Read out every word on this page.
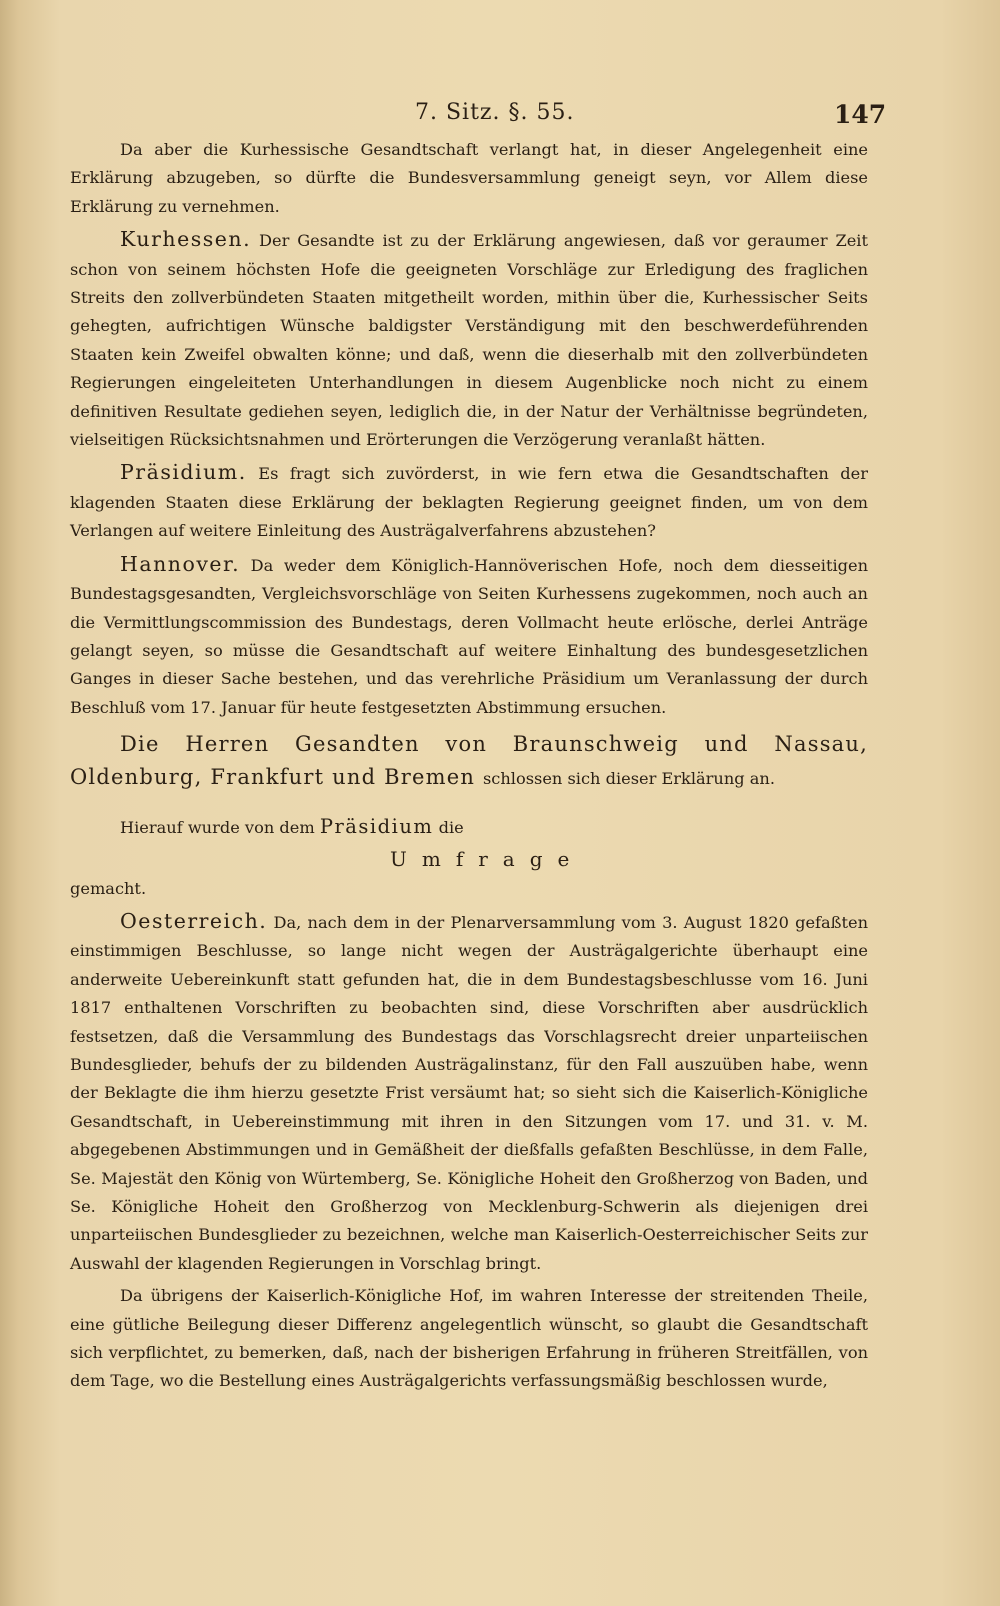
7. Sitz. §. 55.	147

Da aber die Kurhessische Gesandtschaft verlangt hat, in dieser Angelegenheit eine Erklärung abzugeben, so dürfte die Bundesversammlung geneigt seyn, vor Allem diese Erklärung zu vernehmen.

Kurhessen. Der Gesandte ist zu der Erklärung angewiesen, daß vor geraumer Zeit schon von seinem höchsten Hofe die geeigneten Vorschläge zur Erledigung des fraglichen Streits den zollverbündeten Staaten mitgetheilt worden, mithin über die, Kurhessischer Seits gehegten, aufrichtigen Wünsche baldigster Verständigung mit den beschwerdeführenden Staaten kein Zweifel obwalten könne; und daß, wenn die dieserhalb mit den zollverbündeten Regierungen eingeleiteten Unterhandlungen in diesem Augenblicke noch nicht zu einem definitiven Resultate gediehen seyen, lediglich die, in der Natur der Verhältnisse begründeten, vielseitigen Rücksichtsnahmen und Erörterungen die Verzögerung veranlaßt hätten.

Präsidium. Es fragt sich zuvörderst, in wie fern etwa die Gesandtschaften der klagenden Staaten diese Erklärung der beklagten Regierung geeignet finden, um von dem Verlangen auf weitere Einleitung des Austrägalverfahrens abzustehen?

Hannover. Da weder dem Königlich-Hannöverischen Hofe, noch dem diesseitigen Bundestagsgesandten, Vergleichsvorschläge von Seiten Kurhessens zugekommen, noch auch an die Vermittlungscommission des Bundestags, deren Vollmacht heute erlösche, derlei Anträge gelangt seyen, so müsse die Gesandtschaft auf weitere Einhaltung des bundesgesetzlichen Ganges in dieser Sache bestehen, und das verehrliche Präsidium um Veranlassung der durch Beschluß vom 17. Januar für heute festgesetzten Abstimmung ersuchen.

Die Herren Gesandten von Braunschweig und Nassau, Oldenburg, Frankfurt und Bremen schlossen sich dieser Erklärung an.

Hierauf wurde von dem Präsidium die

Umfrage

gemacht.

Oesterreich. Da, nach dem in der Plenarversammlung vom 3. August 1820 gefaßten einstimmigen Beschlusse, so lange nicht wegen der Austrägalgerichte überhaupt eine anderweite Uebereinkunft statt gefunden hat, die in dem Bundestagsbeschlusse vom 16. Juni 1817 enthaltenen Vorschriften zu beobachten sind, diese Vorschriften aber ausdrücklich festsetzen, daß die Versammlung des Bundestags das Vorschlagsrecht dreier unparteiischen Bundesglieder, behufs der zu bildenden Austrägalinstanz, für den Fall auszuüben habe, wenn der Beklagte die ihm hierzu gesetzte Frist versäumt hat; so sieht sich die Kaiserlich-Königliche Gesandtschaft, in Uebereinstimmung mit ihren in den Sitzungen vom 17. und 31. v. M. abgegebenen Abstimmungen und in Gemäßheit der dießfalls gefaßten Beschlüsse, in dem Falle, Se. Majestät den König von Würtemberg, Se. Königliche Hoheit den Großherzog von Baden, und Se. Königliche Hoheit den Großherzog von Mecklenburg-Schwerin als diejenigen drei unparteiischen Bundesglieder zu bezeichnen, welche man Kaiserlich-Oesterreichischer Seits zur Auswahl der klagenden Regierungen in Vorschlag bringt.

Da übrigens der Kaiserlich-Königliche Hof, im wahren Interesse der streitenden Theile, eine gütliche Beilegung dieser Differenz angelegentlich wünscht, so glaubt die Gesandtschaft sich verpflichtet, zu bemerken, daß, nach der bisherigen Erfahrung in früheren Streitfällen, von dem Tage, wo die Bestellung eines Austrägalgerichts verfassungsmäßig beschlossen wurde,
